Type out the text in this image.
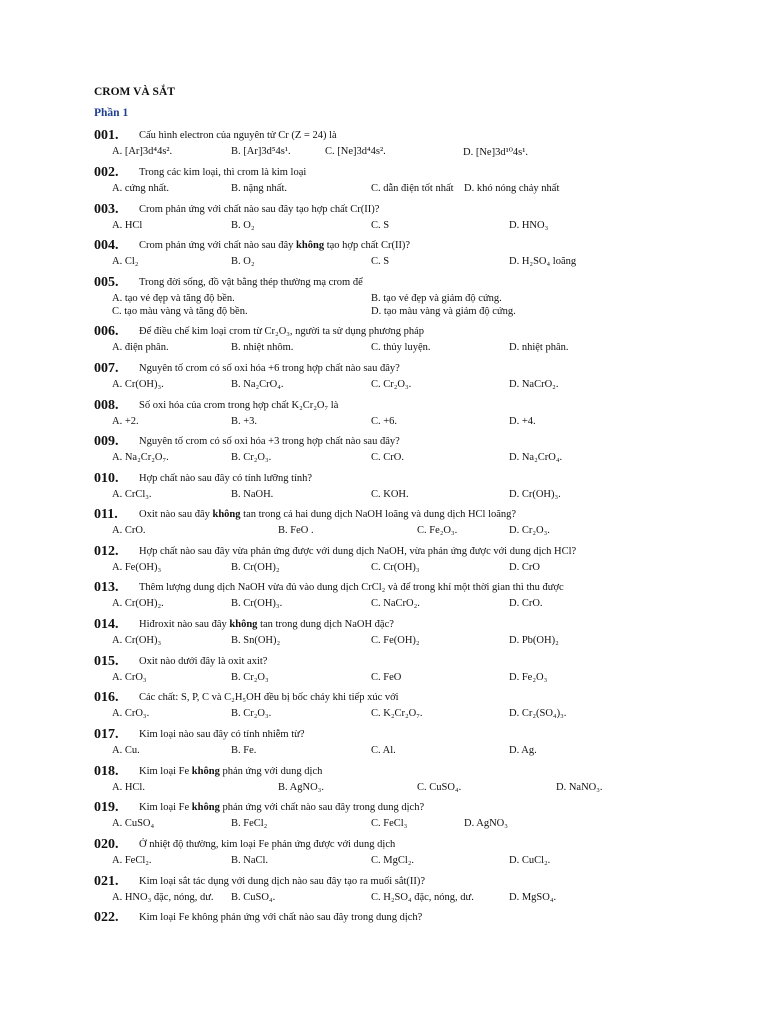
CROM VÀ SẮT
Phần 1
001. Cấu hình electron của nguyên tử Cr (Z = 24) là
A. [Ar]3d⁴4s².	B. [Ar]3d⁵4s¹.	C. [Ne]3d⁴4s².	D. [Ne]3d¹⁰4s¹.
002. Trong các kim loại, thì crom là kim loại
A. cứng nhất.	B. nặng nhất.	C. dẫn điện tốt nhất D. khó nóng chảy nhất
003. Crom phản ứng với chất nào sau đây tạo hợp chất Cr(II)?
A. HCl	B. O₂	C. S	D. HNO₃
004. Crom phản ứng với chất nào sau đây không tạo hợp chất Cr(II)?
A. Cl₂	B. O₂	C. S	D. H₂SO₄ loãng
005. Trong đời sống, đồ vật bằng thép thường mạ crom để
A. tạo vẻ đẹp và tăng độ bền.	B. tạo vẻ đẹp và giảm độ cứng.
C. tạo màu vàng và tăng độ bền.	D. tạo màu vàng và giảm độ cứng.
006. Để điều chế kim loại crom từ Cr₂O₃, người ta sử dụng phương pháp
A. điện phân.	B. nhiệt nhôm.	C. thủy luyện.	D. nhiệt phân.
007. Nguyên tố crom có số oxi hóa +6 trong hợp chất nào sau đây?
A. Cr(OH)₃.	B. Na₂CrO₄.	C. Cr₂O₃.	D. NaCrO₂.
008. Số oxi hóa của crom trong hợp chất K₂Cr₂O₇ là
A. +2.	B. +3.	C. +6.	D. +4.
009. Nguyên tố crom có số oxi hóa +3 trong hợp chất nào sau đây?
A. Na₂Cr₂O₇.	B. Cr₂O₃.	C. CrO.	D. Na₂CrO₄.
010. Hợp chất nào sau đây có tính lưỡng tính?
A. CrCl₃.	B. NaOH.	C. KOH.	D. Cr(OH)₃.
011. Oxit nào sau đây không tan trong cả hai dung dịch NaOH loãng và dung dịch HCl loãng?
A. CrO.	B. FeO .	C. Fe₂O₃.	D. Cr₂O₃.
012. Hợp chất nào sau đây vừa phản ứng được với dung dịch NaOH, vừa phản ứng được với dung dịch HCl?
A. Fe(OH)₃	B. Cr(OH)₂	C. Cr(OH)₃	D. CrO
013. Thêm lượng dung dịch NaOH vừa đủ vào dung dịch CrCl₂ và để trong khí một thời gian thì thu được
A. Cr(OH)₂.	B. Cr(OH)₃.	C. NaCrO₂.	D. CrO.
014. Hiđroxit nào sau đây không tan trong dung dịch NaOH đặc?
A. Cr(OH)₃	B. Sn(OH)₂	C. Fe(OH)₂	D. Pb(OH)₂
015. Oxit nào dưới đây là oxit axit?
A. CrO₃	B. Cr₂O₃	C. FeO	D. Fe₂O₃
016. Các chất: S, P, C và C₂H₅OH đều bị bốc cháy khi tiếp xúc với
A. CrO₃.	B. Cr₂O₃.	C. K₂Cr₂O₇.	D. Cr₂(SO₄)₃.
017. Kim loại nào sau đây có tính nhiễm từ?
A. Cu.	B. Fe.	C. Al.	D. Ag.
018. Kim loại Fe không phản ứng với dung dịch
A. HCl.	B. AgNO₃.	C. CuSO₄.	D. NaNO₃.
019. Kim loại Fe không phản ứng với chất nào sau đây trong dung dịch?
A. CuSO₄	B. FeCl₂	C. FeCl₃	D. AgNO₃
020. Ở nhiệt độ thường, kim loại Fe phản ứng được với dung dịch
A. FeCl₂.	B. NaCl.	C. MgCl₂.	D. CuCl₂.
021. Kim loại sắt tác dụng với dung dịch nào sau đây tạo ra muối sắt(II)?
A. HNO₃ đặc, nóng, dư. B. CuSO₄.	C. H₂SO₄ đặc, nóng, dư.	D. MgSO₄.
022. Kim loại Fe không phản ứng với chất nào sau đây trong dung dịch?
